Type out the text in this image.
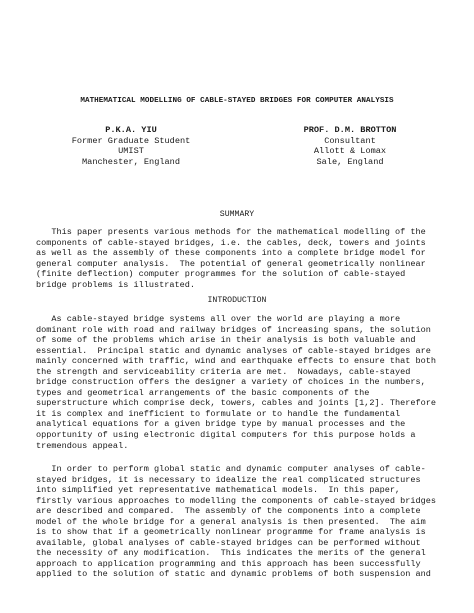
MATHEMATICAL MODELLING OF CABLE-STAYED BRIDGES FOR COMPUTER ANALYSIS
P.K.A. YIU
Former Graduate Student
UMIST
Manchester, England
PROF. D.M. BROTTON
Consultant
Allott & Lomax
Sale, England
SUMMARY
This paper presents various methods for the mathematical modelling of the
components of cable-stayed bridges, i.e. the cables, deck, towers and joints
as well as the assembly of these components into a complete bridge model for
general computer analysis.  The potential of general geometrically nonlinear
(finite deflection) computer programmes for the solution of cable-stayed
bridge problems is illustrated.
INTRODUCTION
As cable-stayed bridge systems all over the world are playing a more
dominant role with road and railway bridges of increasing spans, the solution
of some of the problems which arise in their analysis is both valuable and
essential.  Principal static and dynamic analyses of cable-stayed bridges are
mainly concerned with traffic, wind and earthquake effects to ensure that both
the strength and serviceability criteria are met.  Nowadays, cable-stayed
bridge construction offers the designer a variety of choices in the numbers,
types and geometrical arrangements of the basic components of the
superstructure which comprise deck, towers, cables and joints [1,2]. Therefore
it is complex and inefficient to formulate or to handle the fundamental
analytical equations for a given bridge type by manual processes and the
opportunity of using electronic digital computers for this purpose holds a
tremendous appeal.
In order to perform global static and dynamic computer analyses of cable-
stayed bridges, it is necessary to idealize the real complicated structures
into simplified yet representative mathematical models.  In this paper,
firstly various approaches to modelling the components of cable-stayed bridges
are described and compared.  The assembly of the components into a complete
model of the whole bridge for a general analysis is then presented.  The aim
is to show that if a geometrically nonlinear programme for frame analysis is
available, global analyses of cable-stayed bridges can be performed without
the necessity of any modification.  This indicates the merits of the general
approach to application programming and this approach has been successfully
applied to the solution of static and dynamic problems of both suspension and
